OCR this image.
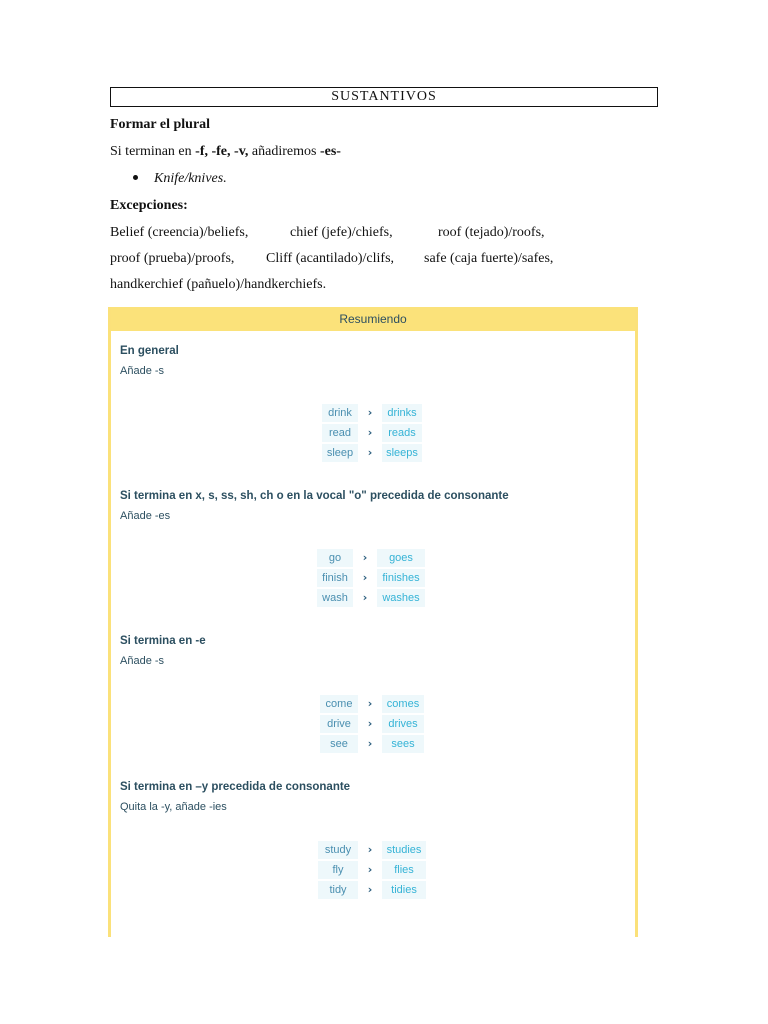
SUSTANTIVOS
Formar el plural
Si terminan en -f, -fe, -v, añadiremos -es-
Knife/knives.
Excepciones:
Belief (creencia)/beliefs,	chief (jefe)/chiefs,	roof (tejado)/roofs,
proof (prueba)/proofs, Cliff (acantilado)/clifs, safe (caja fuerte)/safes,
handkerchief (pañuelo)/handkerchiefs.
Resumiendo
En general
Añade -s
drink	›	drinks
read	›	reads
sleep	›	sleeps
Si termina en x, s, ss, sh, ch o en la vocal "o" precedida de consonante
Añade -es
go	›	goes
finish	›	finishes
wash	›	washes
Si termina en -e
Añade -s
come	›	comes
drive	›	drives
see	›	sees
Si termina en –y precedida de consonante
Quita la -y, añade -ies
study	›	studies
fly	›	flies
tidy	›	tidies
